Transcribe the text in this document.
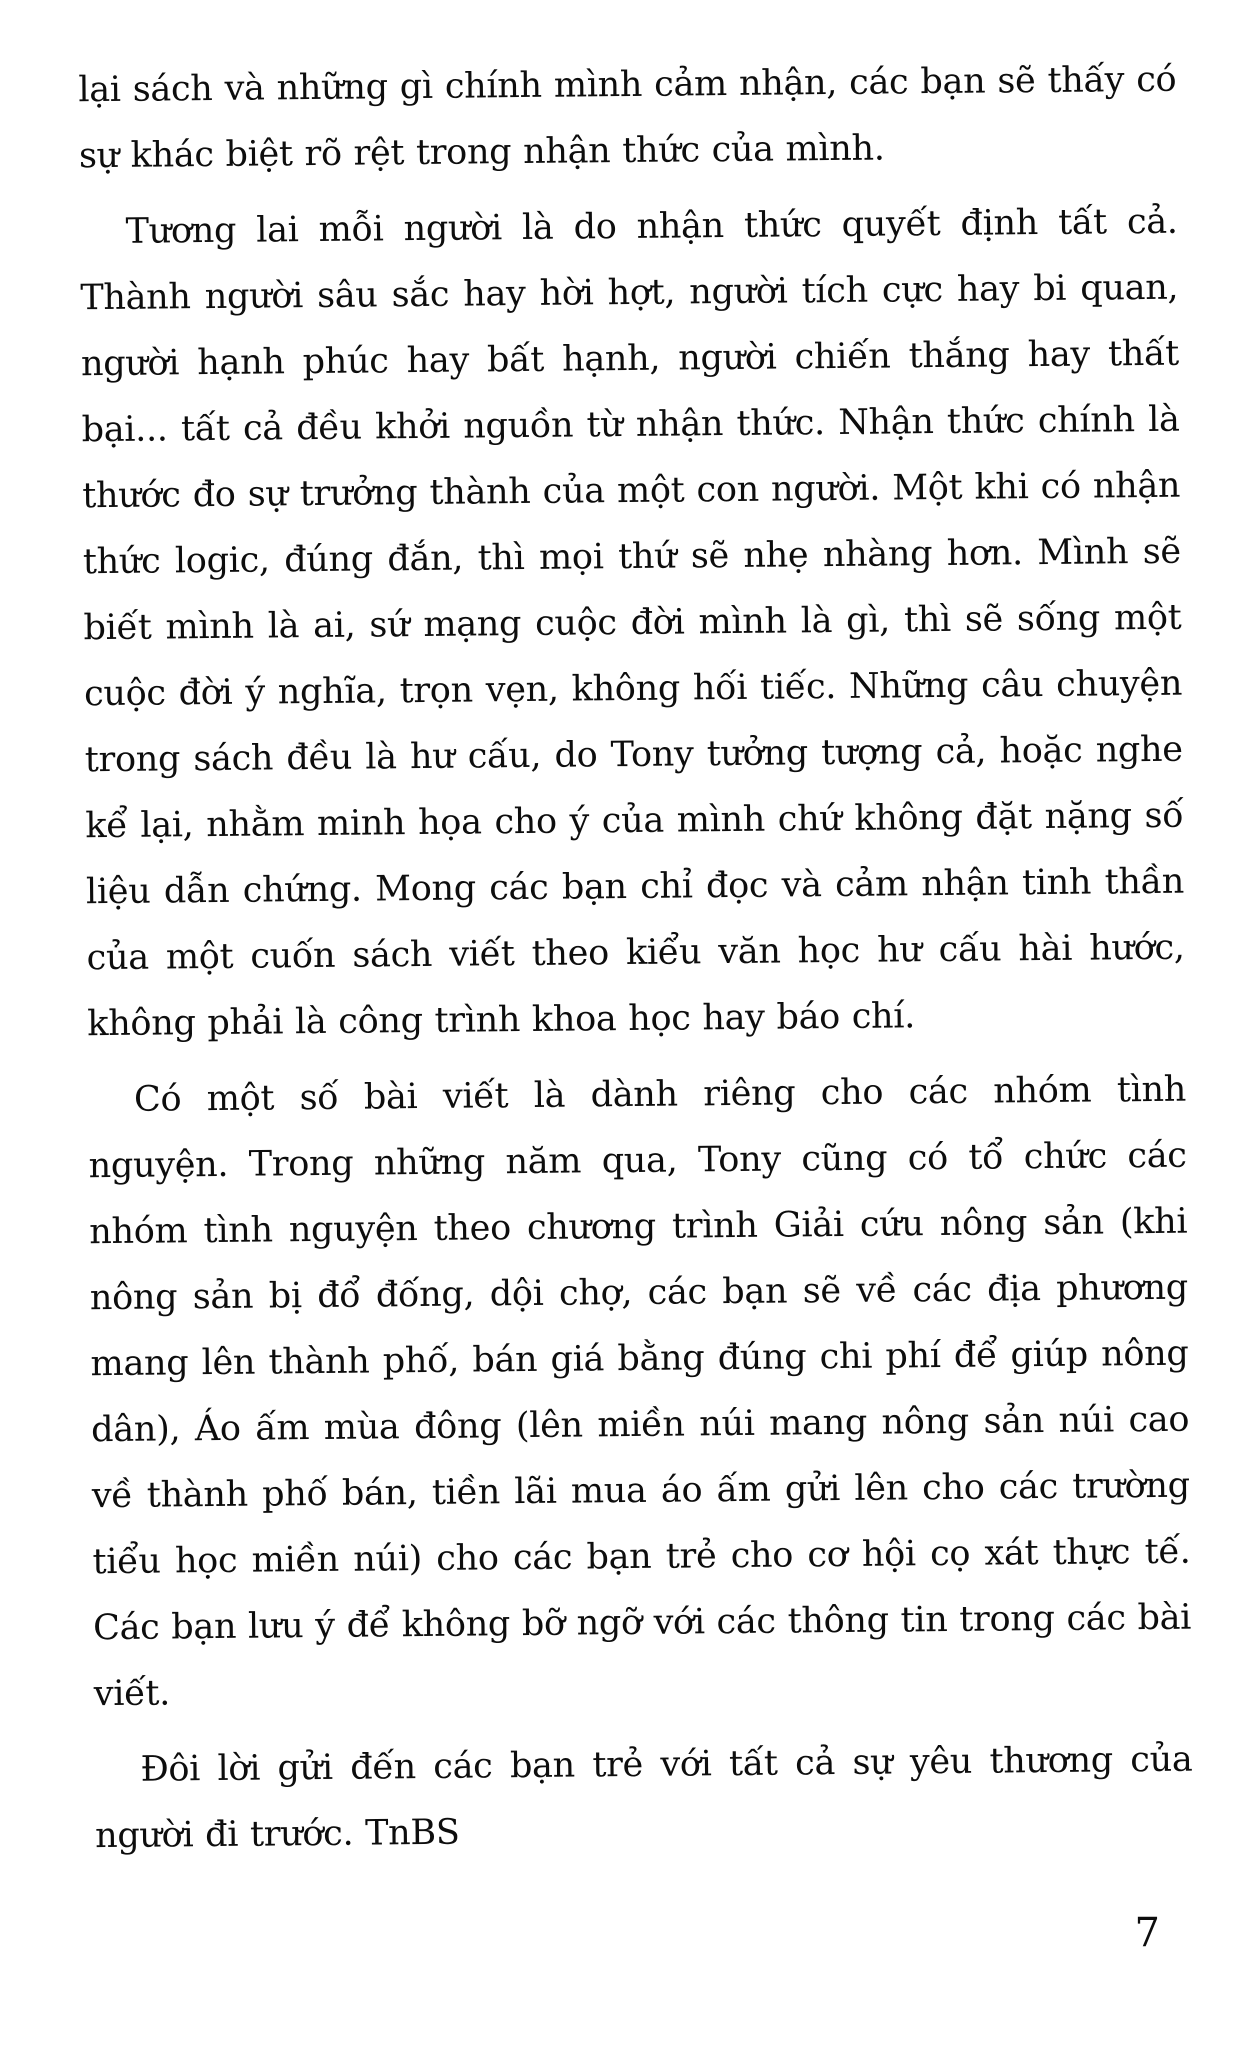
lại sách và những gì chính mình cảm nhận, các bạn sẽ thấy có sự khác biệt rõ rệt trong nhận thức của mình.

Tương lai mỗi người là do nhận thức quyết định tất cả. Thành người sâu sắc hay hời hợt, người tích cực hay bi quan, người hạnh phúc hay bất hạnh, người chiến thắng hay thất bại... tất cả đều khởi nguồn từ nhận thức. Nhận thức chính là thước đo sự trưởng thành của một con người. Một khi có nhận thức logic, đúng đắn, thì mọi thứ sẽ nhẹ nhàng hơn. Mình sẽ biết mình là ai, sứ mạng cuộc đời mình là gì, thì sẽ sống một cuộc đời ý nghĩa, trọn vẹn, không hối tiếc. Những câu chuyện trong sách đều là hư cấu, do Tony tưởng tượng cả, hoặc nghe kể lại, nhằm minh họa cho ý của mình chứ không đặt nặng số liệu dẫn chứng. Mong các bạn chỉ đọc và cảm nhận tinh thần của một cuốn sách viết theo kiểu văn học hư cấu hài hước, không phải là công trình khoa học hay báo chí.

Có một số bài viết là dành riêng cho các nhóm tình nguyện. Trong những năm qua, Tony cũng có tổ chức các nhóm tình nguyện theo chương trình Giải cứu nông sản (khi nông sản bị đổ đống, dội chợ, các bạn sẽ về các địa phương mang lên thành phố, bán giá bằng đúng chi phí để giúp nông dân), Áo ấm mùa đông (lên miền núi mang nông sản núi cao về thành phố bán, tiền lãi mua áo ấm gửi lên cho các trường tiểu học miền núi) cho các bạn trẻ cho cơ hội cọ xát thực tế. Các bạn lưu ý để không bỡ ngỡ với các thông tin trong các bài viết.

Đôi lời gửi đến các bạn trẻ với tất cả sự yêu thương của người đi trước. TnBS

7
